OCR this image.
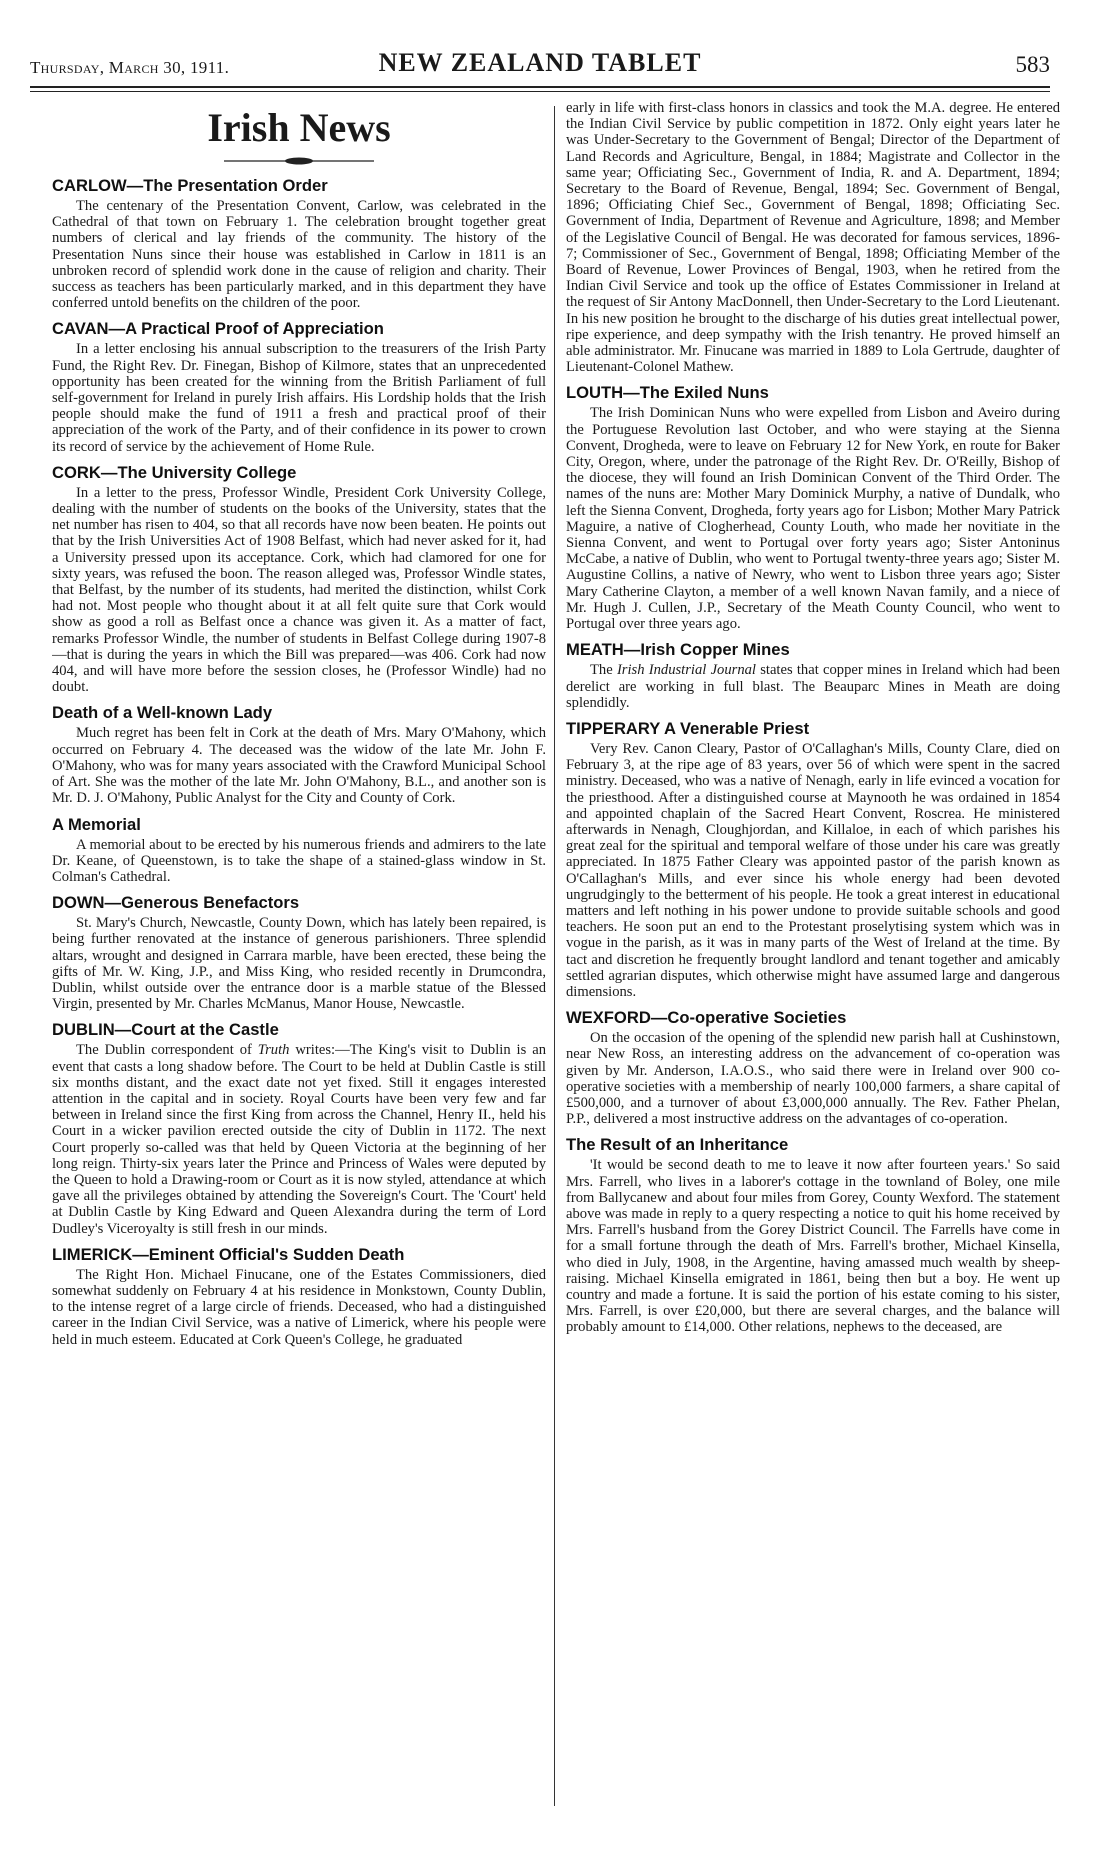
Thursday, March 30, 1911.	NEW ZEALAND TABLET	583
Irish News
CARLOW—The Presentation Order

The centenary of the Presentation Convent, Carlow, was celebrated in the Cathedral of that town on February 1. The celebration brought together great numbers of clerical and lay friends of the community. The history of the Presentation Nuns since their house was established in Carlow in 1811 is an unbroken record of splendid work done in the cause of religion and charity. Their success as teachers has been particularly marked, and in this department they have conferred untold benefits on the children of the poor.

CAVAN—A Practical Proof of Appreciation

In a letter enclosing his annual subscription to the treasurers of the Irish Party Fund, the Right Rev. Dr. Finegan, Bishop of Kilmore, states that an unprecedented opportunity has been created for the winning from the British Parliament of full self-government for Ireland in purely Irish affairs. His Lordship holds that the Irish people should make the fund of 1911 a fresh and practical proof of their appreciation of the work of the Party, and of their confidence in its power to crown its record of service by the achievement of Home Rule.

CORK—The University College

In a letter to the press, Professor Windle, President Cork University College, dealing with the number of students on the books of the University, states that the net number has risen to 404, so that all records have now been beaten. He points out that by the Irish Universities Act of 1908 Belfast, which had never asked for it, had a University pressed upon its acceptance. Cork, which had clamored for one for sixty years, was refused the boon. The reason alleged was, Professor Windle states, that Belfast, by the number of its students, had merited the distinction, whilst Cork had not. Most people who thought about it at all felt quite sure that Cork would show as good a roll as Belfast once a chance was given it. As a matter of fact, remarks Professor Windle, the number of students in Belfast College during 1907-8—that is during the years in which the Bill was prepared—was 406. Cork had now 404, and will have more before the session closes, he (Professor Windle) had no doubt.

Death of a Well-known Lady

Much regret has been felt in Cork at the death of Mrs. Mary O'Mahony, which occurred on February 4. The deceased was the widow of the late Mr. John F. O'Mahony, who was for many years associated with the Crawford Municipal School of Art. She was the mother of the late Mr. John O'Mahony, B.L., and another son is Mr. D. J. O'Mahony, Public Analyst for the City and County of Cork.

A Memorial

A memorial about to be erected by his numerous friends and admirers to the late Dr. Keane, of Queenstown, is to take the shape of a stained-glass window in St. Colman's Cathedral.

DOWN—Generous Benefactors

St. Mary's Church, Newcastle, County Down, which has lately been repaired, is being further renovated at the instance of generous parishioners. Three splendid altars, wrought and designed in Carrara marble, have been erected, these being the gifts of Mr. W. King, J.P., and Miss King, who resided recently in Drumcondra, Dublin, whilst outside over the entrance door is a marble statue of the Blessed Virgin, presented by Mr. Charles McManus, Manor House, Newcastle.

DUBLIN—Court at the Castle

The Dublin correspondent of Truth writes:—The King's visit to Dublin is an event that casts a long shadow before. The Court to be held at Dublin Castle is still six months distant, and the exact date not yet fixed. Still it engages interested attention in the capital and in society. Royal Courts have been very few and far between in Ireland since the first King from across the Channel, Henry II., held his Court in a wicker pavilion erected outside the city of Dublin in 1172. The next Court properly so-called was that held by Queen Victoria at the beginning of her long reign. Thirty-six years later the Prince and Princess of Wales were deputed by the Queen to hold a Drawing-room or Court as it is now styled, attendance at which gave all the privileges obtained by attending the Sovereign's Court. The 'Court' held at Dublin Castle by King Edward and Queen Alexandra during the term of Lord Dudley's Viceroyalty is still fresh in our minds.

LIMERICK—Eminent Official's Sudden Death

The Right Hon. Michael Finucane, one of the Estates Commissioners, died somewhat suddenly on February 4 at his residence in Monkstown, County Dublin, to the intense regret of a large circle of friends. Deceased, who had a distinguished career in the Indian Civil Service, was a native of Limerick, where his people were held in much esteem. Educated at Cork Queen's College, he graduated

early in life with first-class honors in classics and took the M.A. degree. He entered the Indian Civil Service by public competition in 1872. Only eight years later he was Under-Secretary to the Government of Bengal; Director of the Department of Land Records and Agriculture, Bengal, in 1884; Magistrate and Collector in the same year; Officiating Sec., Government of India, R. and A. Department, 1894; Secretary to the Board of Revenue, Bengal, 1894; Sec. Government of Bengal, 1896; Officiating Chief Sec., Government of Bengal, 1898; Officiating Sec. Government of India, Department of Revenue and Agriculture, 1898; and Member of the Legislative Council of Bengal. He was decorated for famous services, 1896-7; Commissioner of Sec., Government of Bengal, 1898; Officiating Member of the Board of Revenue, Lower Provinces of Bengal, 1903, when he retired from the Indian Civil Service and took up the office of Estates Commissioner in Ireland at the request of Sir Antony MacDonnell, then Under-Secretary to the Lord Lieutenant. In his new position he brought to the discharge of his duties great intellectual power, ripe experience, and deep sympathy with the Irish tenantry. He proved himself an able administrator. Mr. Finucane was married in 1889 to Lola Gertrude, daughter of Lieutenant-Colonel Mathew.

LOUTH—The Exiled Nuns

The Irish Dominican Nuns who were expelled from Lisbon and Aveiro during the Portuguese Revolution last October, and who were staying at the Sienna Convent, Drogheda, were to leave on February 12 for New York, en route for Baker City, Oregon, where, under the patronage of the Right Rev. Dr. O'Reilly, Bishop of the diocese, they will found an Irish Dominican Convent of the Third Order. The names of the nuns are: Mother Mary Dominick Murphy, a native of Dundalk, who left the Sienna Convent, Drogheda, forty years ago for Lisbon; Mother Mary Patrick Maguire, a native of Clogherhead, County Louth, who made her novitiate in the Sienna Convent, and went to Portugal over forty years ago; Sister Antoninus McCabe, a native of Dublin, who went to Portugal twenty-three years ago; Sister M. Augustine Collins, a native of Newry, who went to Lisbon three years ago; Sister Mary Catherine Clayton, a member of a well known Navan family, and a niece of Mr. Hugh J. Cullen, J.P., Secretary of the Meath County Council, who went to Portugal over three years ago.

MEATH—Irish Copper Mines

The Irish Industrial Journal states that copper mines in Ireland which had been derelict are working in full blast. The Beauparc Mines in Meath are doing splendidly.

TIPPERARY A Venerable Priest

Very Rev. Canon Cleary, Pastor of O'Callaghan's Mills, County Clare, died on February 3, at the ripe age of 83 years, over 56 of which were spent in the sacred ministry. Deceased, who was a native of Nenagh, early in life evinced a vocation for the priesthood. After a distinguished course at Maynooth he was ordained in 1854 and appointed chaplain of the Sacred Heart Convent, Roscrea. He ministered afterwards in Nenagh, Cloughjordan, and Killaloe, in each of which parishes his great zeal for the spiritual and temporal welfare of those under his care was greatly appreciated. In 1875 Father Cleary was appointed pastor of the parish known as O'Callaghan's Mills, and ever since his whole energy had been devoted ungrudgingly to the betterment of his people. He took a great interest in educational matters and left nothing in his power undone to provide suitable schools and good teachers. He soon put an end to the Protestant proselytising system which was in vogue in the parish, as it was in many parts of the West of Ireland at the time. By tact and discretion he frequently brought landlord and tenant together and amicably settled agrarian disputes, which otherwise might have assumed large and dangerous dimensions.

WEXFORD—Co-operative Societies

On the occasion of the opening of the splendid new parish hall at Cushinstown, near New Ross, an interesting address on the advancement of co-operation was given by Mr. Anderson, I.A.O.S., who said there were in Ireland over 900 co-operative societies with a membership of nearly 100,000 farmers, a share capital of £500,000, and a turnover of about £3,000,000 annually. The Rev. Father Phelan, P.P., delivered a most instructive address on the advantages of co-operation.

The Result of an Inheritance

'It would be second death to me to leave it now after fourteen years.' So said Mrs. Farrell, who lives in a laborer's cottage in the townland of Boley, one mile from Ballycanew and about four miles from Gorey, County Wexford. The statement above was made in reply to a query respecting a notice to quit his home received by Mrs. Farrell's husband from the Gorey District Council. The Farrells have come in for a small fortune through the death of Mrs. Farrell's brother, Michael Kinsella, who died in July, 1908, in the Argentine, having amassed much wealth by sheep-raising. Michael Kinsella emigrated in 1861, being then but a boy. He went up country and made a fortune. It is said the portion of his estate coming to his sister, Mrs. Farrell, is over £20,000, but there are several charges, and the balance will probably amount to £14,000. Other relations, nephews to the deceased, are
